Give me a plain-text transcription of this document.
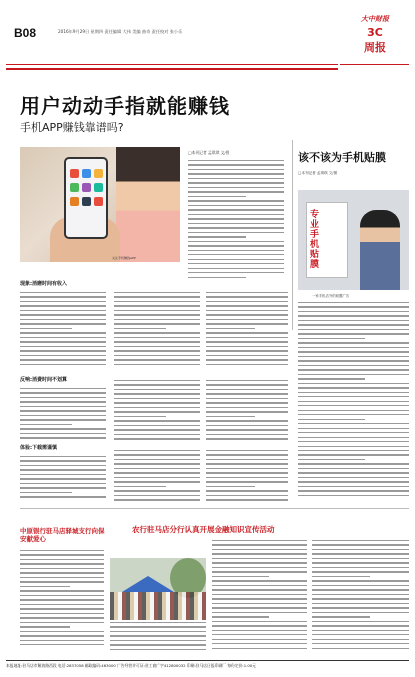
B08	2016年9月29日 星期四 责任编辑 大伟 美编 曲奇 责任校对 张小乐
大中财报
3C
周报
用户动动手指就能赚钱
手机APP赚钱靠谱吗?
关注手机赚钱APP
□本刊记者 孟琪琪 文/图	该不该为手机贴膜
□本刊记者 孟琪琪 文/图
专业手机贴膜
一家手机店外的贴膜广告
现象:消磨时间有收入
反响:消费时间不划算
体验:下载需谨慎
中原银行驻马店驿城支行向保安献爱心
农行驻马店分行认真开展金融知识宣传活动
本报地址:驻马店市解放路西段 电话:2837058 邮政编码:463000 广告经营许可证:驻工商广字412800032 印刷:驻马店日报印刷厂 每份定价:1.00元
